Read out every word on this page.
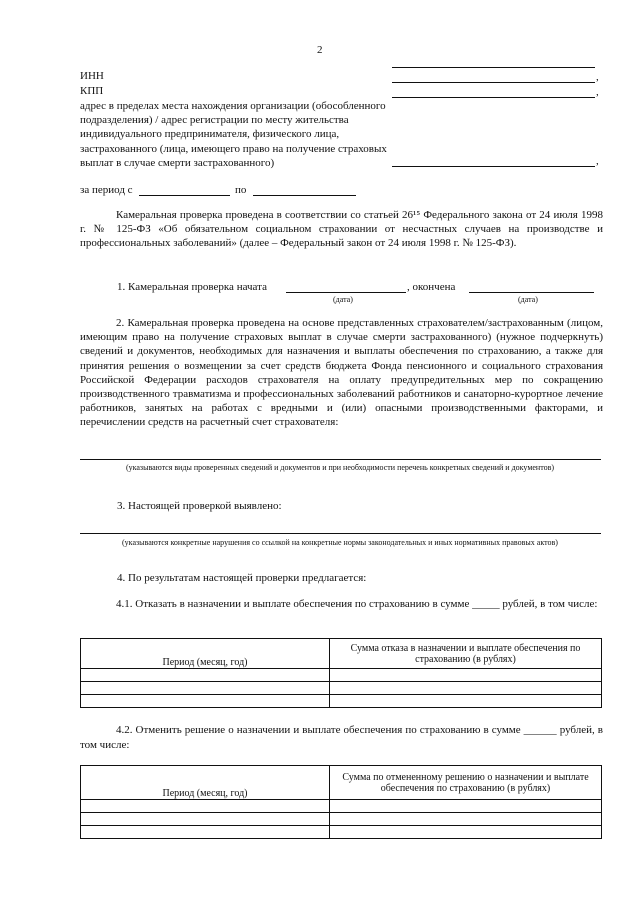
2
ИНН
КПП
адрес в пределах места нахождения организации (обособленного подразделения) / адрес регистрации по месту жительства индивидуального предпринимателя, физического лица, застрахованного (лица, имеющего право на получение страховых выплат в случае смерти застрахованного)
,
,
,
за период с	по
Камеральная проверка проведена в соответствии со статьей 26¹⁵ Федерального закона от 24 июля 1998 г. № 125-ФЗ «Об обязательном социальном страховании от несчастных случаев на производстве и профессиональных заболеваний» (далее – Федеральный закон от 24 июля 1998 г. № 125-ФЗ).
1. Камеральная проверка начата	, окончена
(дата)	(дата)
2. Камеральная проверка проведена на основе представленных страхователем/застрахованным (лицом, имеющим право на получение страховых выплат в случае смерти застрахованного) (нужное подчеркнуть) сведений и документов, необходимых для назначения и выплаты обеспечения по страхованию, а также для принятия решения о возмещении за счет средств бюджета Фонда пенсионного и социального страхования Российской Федерации расходов страхователя на оплату предупредительных мер по сокращению производственного травматизма и профессиональных заболеваний работников и санаторно-курортное лечение работников, занятых на работах с вредными и (или) опасными производственными факторами, и перечислении средств на расчетный счет страхователя:
(указываются виды проверенных сведений и документов и при необходимости перечень конкретных сведений и документов)
3. Настоящей проверкой выявлено:
(указываются конкретные нарушения со ссылкой на конкретные нормы законодательных и иных нормативных правовых актов)
4. По результатам настоящей проверки предлагается:
4.1. Отказать в назначении и выплате обеспечения по страхованию в сумме _____ рублей, в том числе:
Период (месяц, год)	Сумма отказа в назначении и выплате обеспечения по страхованию (в рублях)

4.2. Отменить решение о назначении и выплате обеспечения по страхованию в сумме ______ рублей, в том числе:
Период (месяц, год)	Сумма по отмененному решению о назначении и выплате обеспечения по страхованию (в рублях)
